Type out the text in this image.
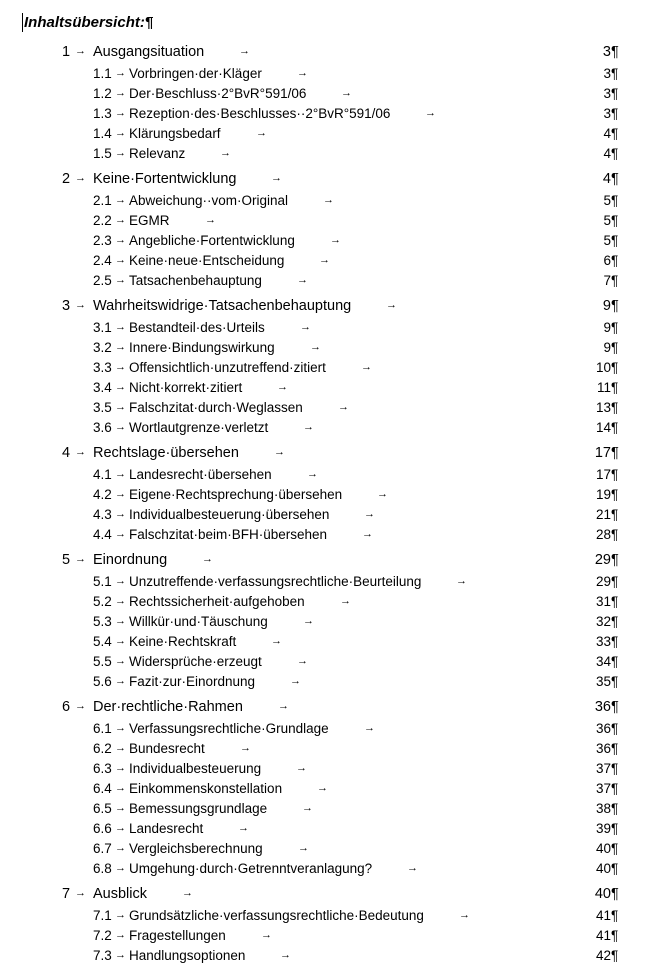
Inhaltsübersicht:¶
1 → Ausgangsituation	→	3 ¶
1.1 → Vorbringen·der·Kläger	→	3 ¶
1.2 → Der·Beschluss·2°BvR°591/06	→	3 ¶
1.3 → Rezeption·des·Beschlusses··2°BvR°591/06	→	3 ¶
1.4 → Klärungsbedarf	→	4 ¶
1.5 → Relevanz	→	4 ¶
2 → Keine·Fortentwicklung	→	4 ¶
2.1 → Abweichung··vom·Original	→	5 ¶
2.2 → EGMR	→	5 ¶
2.3 → Angebliche·Fortentwicklung	→	5 ¶
2.4 → Keine·neue·Entscheidung	→	6 ¶
2.5 → Tatsachenbehauptung	→	7 ¶
3 → Wahrheitswidrige·Tatsachenbehauptung	→	9 ¶
3.1 → Bestandteil·des·Urteils	→	9 ¶
3.2 → Innere·Bindungswirkung	→	9 ¶
3.3 → Offensichtlich·unzutreffend·zitiert	→	10 ¶
3.4 → Nicht·korrekt·zitiert	→	11 ¶
3.5 → Falschzitat·durch·Weglassen	→	13 ¶
3.6 → Wortlautgrenze·verletzt	→	14 ¶
4 → Rechtslage·übersehen	→	17 ¶
4.1 → Landesrecht·übersehen	→	17 ¶
4.2 → Eigene·Rechtsprechung·übersehen	→	19 ¶
4.3 → Individualbesteuerung·übersehen	→	21 ¶
4.4 → Falschzitat·beim·BFH·übersehen	→	28 ¶
5 → Einordnung	→	29 ¶
5.1 → Unzutreffende·verfassungsrechtliche·Beurteilung	→	29 ¶
5.2 → Rechtssicherheit·aufgehoben	→	31 ¶
5.3 → Willkür·und·Täuschung	→	32 ¶
5.4 → Keine·Rechtskraft	→	33 ¶
5.5 → Widersprüche·erzeugt	→	34 ¶
5.6 → Fazit·zur·Einordnung	→	35 ¶
6 → Der·rechtliche·Rahmen	→	36 ¶
6.1 → Verfassungsrechtliche·Grundlage	→	36 ¶
6.2 → Bundesrecht	→	36 ¶
6.3 → Individualbesteuerung	→	37 ¶
6.4 → Einkommenskonstellation	→	37 ¶
6.5 → Bemessungsgrundlage	→	38 ¶
6.6 → Landesrecht	→	39 ¶
6.7 → Vergleichsberechnung	→	40 ¶
6.8 → Umgehung·durch·Getrenntveranlagung?	→	40 ¶
7 → Ausblick	→	40 ¶
7.1 → Grundsätzliche·verfassungsrechtliche·Bedeutung	→	41 ¶
7.2 → Fragestellungen	→	41 ¶
7.3 → Handlungsoptionen	→	42 ¶
